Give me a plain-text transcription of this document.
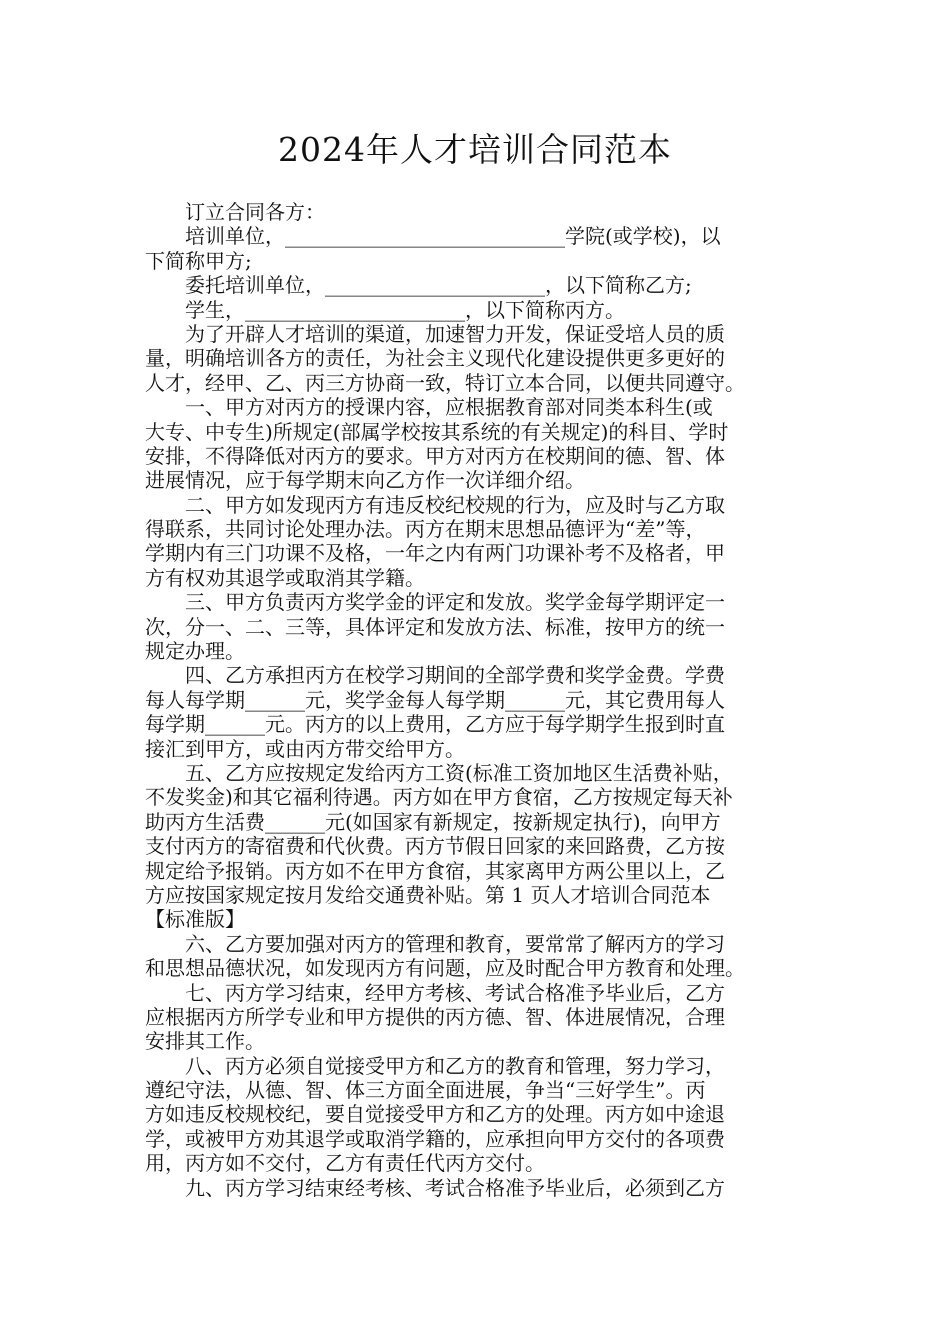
2024年人才培训合同范本
　　订立合同各方：
　　培训单位，____________________________学院(或学校)，以
下简称甲方;
　　委托培训单位，______________________，以下简称乙方;
　　学生，______________________，以下简称丙方。
　　为了开辟人才培训的渠道，加速智力开发，保证受培人员的质
量，明确培训各方的责任，为社会主义现代化建设提供更多更好的
人才，经甲、乙、丙三方协商一致，特订立本合同，以便共同遵守。
　　一、甲方对丙方的授课内容，应根据教育部对同类本科生(或
大专、中专生)所规定(部属学校按其系统的有关规定)的科目、学时
安排，不得降低对丙方的要求。甲方对丙方在校期间的德、智、体
进展情况，应于每学期末向乙方作一次详细介绍。
　　二、甲方如发现丙方有违反校纪校规的行为，应及时与乙方取
得联系，共同讨论处理办法。丙方在期末思想品德评为“差”等，
学期内有三门功课不及格，一年之内有两门功课补考不及格者，甲
方有权劝其退学或取消其学籍。
　　三、甲方负责丙方奖学金的评定和发放。奖学金每学期评定一
次，分一、二、三等，具体评定和发放方法、标准，按甲方的统一
规定办理。
　　四、乙方承担丙方在校学习期间的全部学费和奖学金费。学费
每人每学期______元，奖学金每人每学期______元，其它费用每人
每学期______元。丙方的以上费用，乙方应于每学期学生报到时直
接汇到甲方，或由丙方带交给甲方。
　　五、乙方应按规定发给丙方工资(标准工资加地区生活费补贴，
不发奖金)和其它福利待遇。丙方如在甲方食宿，乙方按规定每天补
助丙方生活费______元(如国家有新规定，按新规定执行)，向甲方
支付丙方的寄宿费和代伙费。丙方节假日回家的来回路费，乙方按
规定给予报销。丙方如不在甲方食宿，其家离甲方两公里以上，乙
方应按国家规定按月发给交通费补贴。第 1 页人才培训合同范本
【标准版】
　　六、乙方要加强对丙方的管理和教育，要常常了解丙方的学习
和思想品德状况，如发现丙方有问题，应及时配合甲方教育和处理。
　　七、丙方学习结束，经甲方考核、考试合格准予毕业后，乙方
应根据丙方所学专业和甲方提供的丙方德、智、体进展情况，合理
安排其工作。
　　八、丙方必须自觉接受甲方和乙方的教育和管理，努力学习，
遵纪守法，从德、智、体三方面全面进展，争当“三好学生”。丙
方如违反校规校纪，要自觉接受甲方和乙方的处理。丙方如中途退
学，或被甲方劝其退学或取消学籍的，应承担向甲方交付的各项费
用，丙方如不交付，乙方有责任代丙方交付。
　　九、丙方学习结束经考核、考试合格准予毕业后，必须到乙方
